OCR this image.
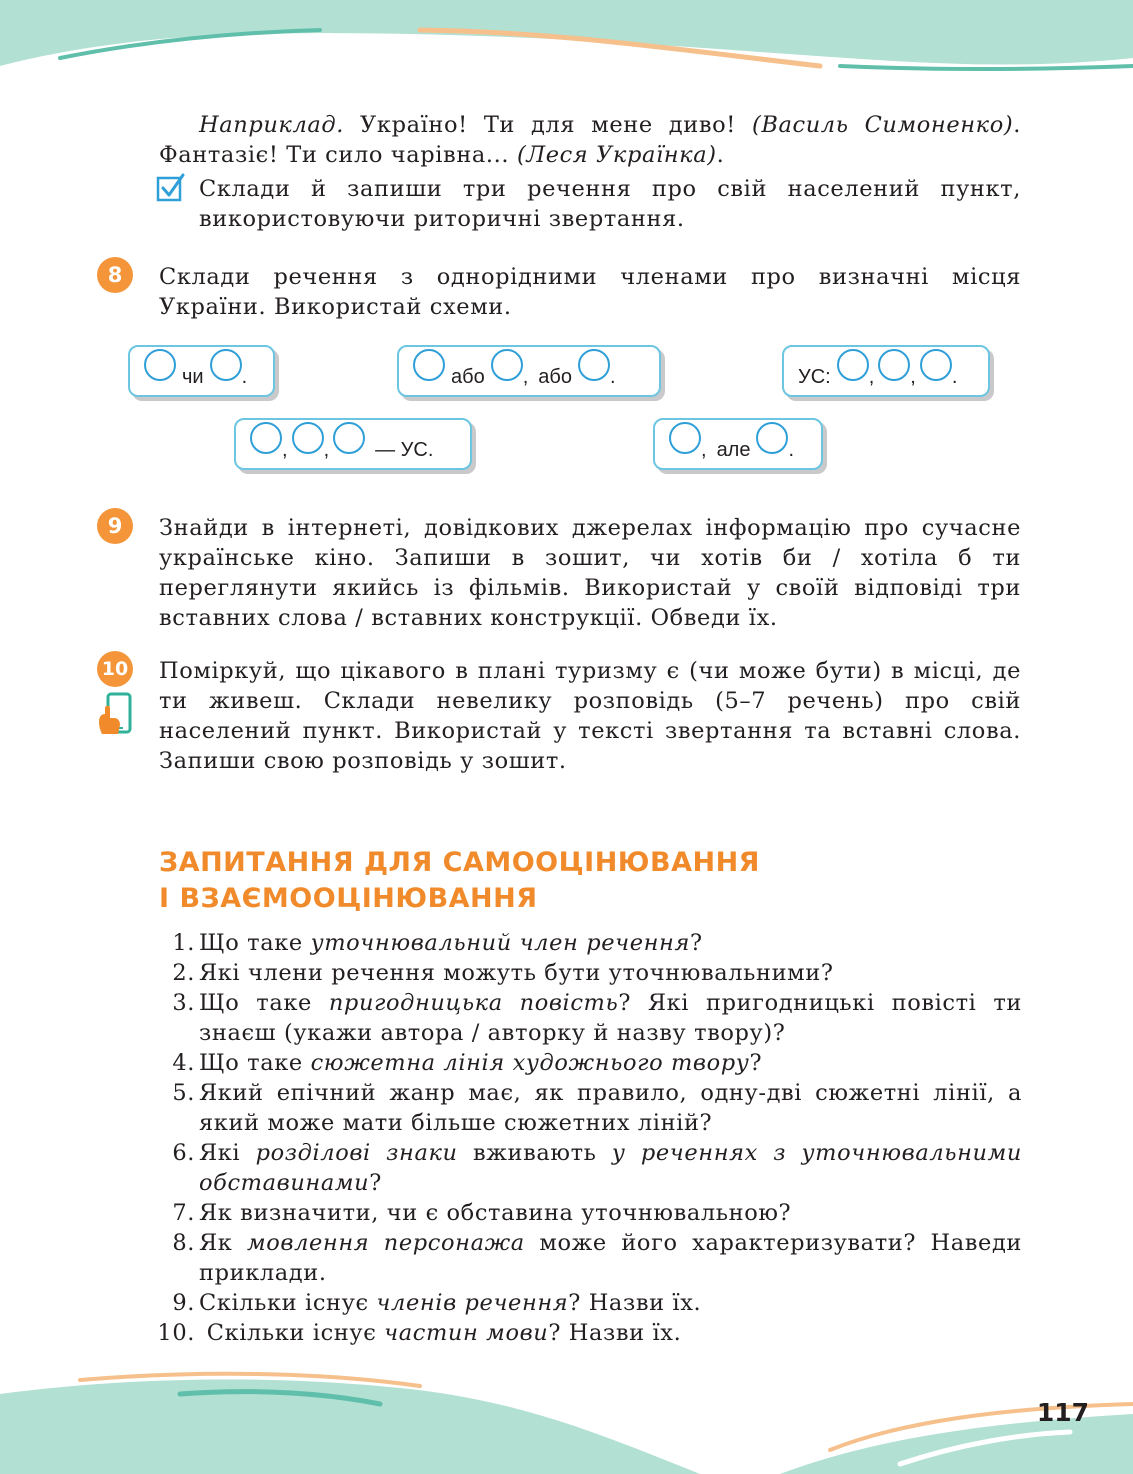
Наприклад. Україно! Ти для мене диво! (Василь Симоненко). Фантазіє! Ти сило чарівна... (Леся Українка).
Склади й запиши три речення про свій населений пункт, використовуючи риторичні звертання.
8	Склади речення з однорідними членами про визначні місця України. Використай схеми.
чи .	або , або .	УС: , , .
, , — УС.	, але .
9	Знайди в інтернеті, довідкових джерелах інформацію про сучасне українське кіно. Запиши в зошит, чи хотів би / хотіла б ти переглянути якийсь із фільмів. Використай у своїй відповіді три вставних слова / вставних конструкції. Обведи їх.
10 Поміркуй, що цікавого в плані туризму є (чи може бути) в місці, де ти живеш. Склади невелику розповідь (5–7 речень) про свій населений пункт. Використай у тексті звертання та вставні слова. Запиши свою розповідь у зошит.
ЗАПИТАННЯ ДЛЯ САМООЦІНЮВАННЯ
І ВЗАЄМООЦІНЮВАННЯ
1. Що таке уточнювальний член речення?
2. Які члени речення можуть бути уточнювальними?
3. Що таке пригодницька повість? Які пригодницькі повісті ти знаєш (укажи автора / авторку й назву твору)?
4. Що таке сюжетна лінія художнього твору?
5. Який епічний жанр має, як правило, одну-дві сюжетні лінії, а який може мати більше сюжетних ліній?
6. Які розділові знаки вживають у реченнях з уточнювальними обставинами?
7. Як визначити, чи є обставина уточнювальною?
8. Як мовлення персонажа може його характеризувати? Наведи приклади.
9. Скільки існує членів речення? Назви їх.
10. Скільки існує частин мови? Назви їх.
117
